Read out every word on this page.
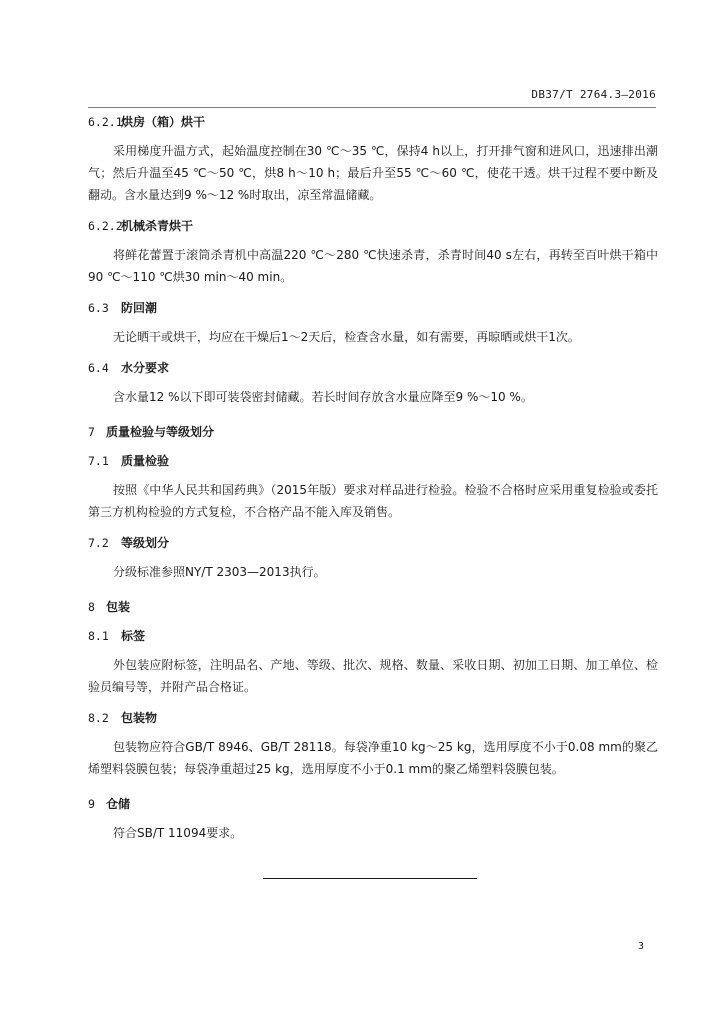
DB37/T 2764.3—2016

6.2.1烘房（箱）烘干

采用梯度升温方式，起始温度控制在30 ℃～35 ℃，保持4 h以上，打开排气窗和进风口，迅速排出潮气；然后升温至45 ℃～50 ℃，烘8 h～10 h；最后升至55 ℃～60 ℃，使花干透。烘干过程不要中断及翻动。含水量达到9 %～12 %时取出，凉至常温储藏。

6.2.2机械杀青烘干

将鲜花蕾置于滚筒杀青机中高温220 ℃～280 ℃快速杀青，杀青时间40 s左右，再转至百叶烘干箱中90 ℃～110 ℃烘30 min～40 min。

6.3 防回潮

无论晒干或烘干，均应在干燥后1～2天后，检查含水量，如有需要，再晾晒或烘干1次。

6.4 水分要求

含水量12 %以下即可装袋密封储藏。若长时间存放含水量应降至9 %～10 %。

7 质量检验与等级划分

7.1 质量检验

按照《中华人民共和国药典》（2015年版）要求对样品进行检验。检验不合格时应采用重复检验或委托第三方机构检验的方式复检，不合格产品不能入库及销售。

7.2 等级划分

分级标准参照NY/T 2303—2013执行。

8 包装

8.1 标签

外包装应附标签，注明品名、产地、等级、批次、规格、数量、采收日期、初加工日期、加工单位、检验员编号等，并附产品合格证。

8.2 包装物

包装物应符合GB/T 8946、GB/T 28118。每袋净重10 kg～25 kg，选用厚度不小于0.08 mm的聚乙烯塑料袋膜包装；每袋净重超过25 kg，选用厚度不小于0.1 mm的聚乙烯塑料袋膜包装。

9 仓储

符合SB/T 11094要求。

3
